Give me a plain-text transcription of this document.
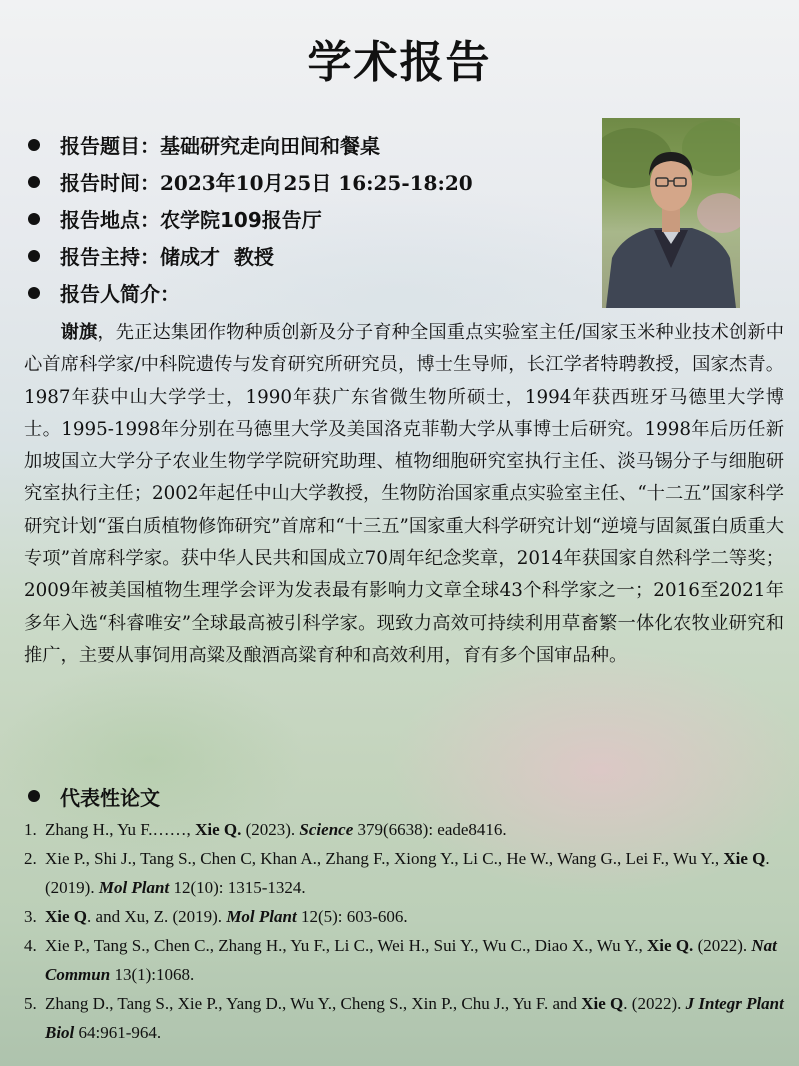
学术报告
报告题目： 基础研究走向田间和餐桌
报告时间： 2023年10月25日 16:25-18:20
报告地点： 农学院109报告厅
报告主持： 储成才  教授
报告人简介：

谢旗，先正达集团作物种质创新及分子育种全国重点实验室主任/国家玉米种业技术创新中心首席科学家/中科院遗传与发育研究所研究员，博士生导师，长江学者特聘教授，国家杰青。1987年获中山大学学士，1990年获广东省微生物所硕士，1994年获西班牙马德里大学博士。1995-1998年分别在马德里大学及美国洛克菲勒大学从事博士后研究。1998年后历任新加坡国立大学分子农业生物学学院研究助理、植物细胞研究室执行主任、淡马锡分子与细胞研究室执行主任；2002年起任中山大学教授，生物防治国家重点实验室主任、“十二五”国家科学研究计划“蛋白质植物修饰研究”首席和“十三五”国家重大科学研究计划“逆境与固氮蛋白质重大专项”首席科学家。获中华人民共和国成立70周年纪念奖章，2014年获国家自然科学二等奖；2009年被美国植物生理学会评为发表最有影响力文章全球43个科学家之一；2016至2021年多年入选“科睿唯安”全球最高被引科学家。现致力高效可持续利用草畜繁一体化农牧业研究和推广，主要从事饲用高粱及酿酒高粱育种和高效利用，育有多个国审品种。

代表性论文
1. Zhang H., Yu F.……, Xie Q. (2023). Science 379(6638): eade8416.
2. Xie P., Shi J., Tang S., Chen C, Khan A., Zhang F., Xiong Y., Li C., He W., Wang G., Lei F., Wu Y., Xie Q. (2019). Mol Plant 12(10): 1315-1324.
3. Xie Q. and Xu, Z. (2019). Mol Plant 12(5): 603-606.
4. Xie P., Tang S., Chen C., Zhang H., Yu F., Li C., Wei H., Sui Y., Wu C., Diao X., Wu Y., Xie Q. (2022). Nat Commun 13(1):1068.
5. Zhang D., Tang S., Xie P., Yang D., Wu Y., Cheng S., Xin P., Chu J., Yu F. and Xie Q. (2022). J Integr Plant Biol 64:961-964.
